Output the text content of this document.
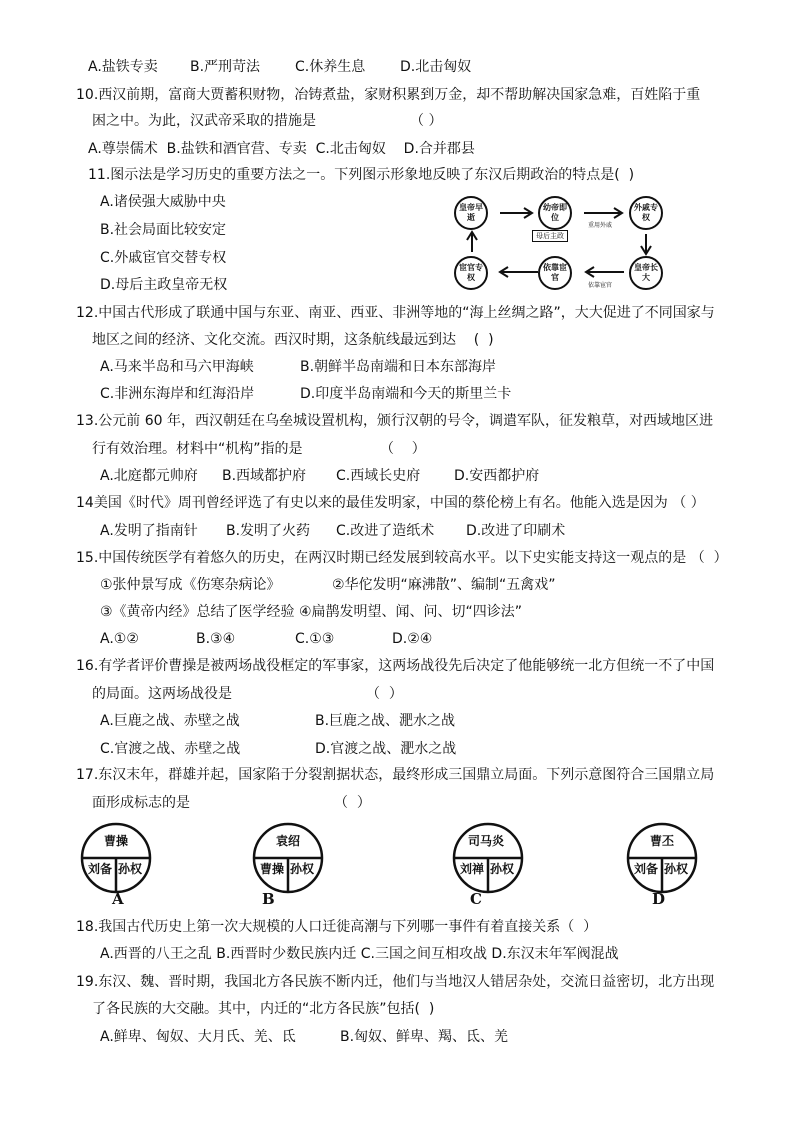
A.盐铁专卖 B.严刑苛法 C.休养生息 D.北击匈奴
10.西汉前期，富商大贾蓄积财物，冶铸煮盐，家财积累到万金，却不帮助解决国家急难，百姓陷于重
困之中。为此，汉武帝采取的措施是	（ ）
A.尊崇儒术  B.盐铁和酒官营、专卖  C.北击匈奴    D.合并郡县
11.图示法是学习历史的重要方法之一。下列图示形象地反映了东汉后期政治的特点是(  )
A.诸侯强大威胁中央
B.社会局面比较安定
C.外戚宦官交替专权
D.母后主政皇帝无权
皇帝早逝
幼帝即位
外戚专权
皇帝长大
依靠宦官
宦官专权
母后主政
重用外戚
依靠宦官
12.中国古代形成了联通中国与东亚、南亚、西亚、非洲等地的“海上丝绸之路”，大大促进了不同国家与
地区之间的经济、文化交流。西汉时期，这条航线最远到达    (  )
A.马来半岛和马六甲海峡	B.朝鲜半岛南端和日本东部海岸
C.非洲东海岸和红海沿岸	D.印度半岛南端和今天的斯里兰卡
13.公元前 60 年，西汉朝廷在乌垒城设置机构，颁行汉朝的号令，调遣军队，征发粮草，对西域地区进
行有效治理。材料中“机构”指的是	（    ）
A.北庭都元帅府 B.西域都护府 C.西域长史府 D.安西都护府
14美国《时代》周刊曾经评选了有史以来的最佳发明家，中国的蔡伦榜上有名。他能入选是因为 （ ）
A.发明了指南针 B.发明了火药 C.改进了造纸术 D.改进了印刷术
15.中国传统医学有着悠久的历史，在两汉时期已经发展到较高水平。以下史实能支持这一观点的是 （  ）
①张仲景写成《伤寒杂病论》	②华佗发明“麻沸散”、编制“五禽戏”
③《黄帝内经》总结了医学经验 ④扁鹊发明望、闻、问、切“四诊法”
A.①②	B.③④	C.①③	D.②④
16.有学者评价曹操是被两场战役框定的军事家，这两场战役先后决定了他能够统一北方但统一不了中国
的局面。这两场战役是	（  ）
A.巨鹿之战、赤壁之战	B.巨鹿之战、淝水之战
C.官渡之战、赤壁之战	D.官渡之战、淝水之战
17.东汉末年，群雄并起，国家陷于分裂割据状态，最终形成三国鼎立局面。下列示意图符合三国鼎立局
面形成标志的是	（  ）
曹操
刘备 孙权
A
袁绍
曹操 孙权
B
司马炎
刘禅 孙权
C
曹丕
刘备 孙权
D
18.我国古代历史上第一次大规模的人口迁徙高潮与下列哪一事件有着直接关系（  ）
A.西晋的八王之乱 B.西晋时少数民族内迁 C.三国之间互相攻战 D.东汉末年军阀混战
19.东汉、魏、晋时期，我国北方各民族不断内迁，他们与当地汉人错居杂处，交流日益密切，北方出现
了各民族的大交融。其中，内迁的“北方各民族”包括(  )
A.鲜卑、匈奴、大月氏、羌、氐	B.匈奴、鲜卑、羯、氐、羌
